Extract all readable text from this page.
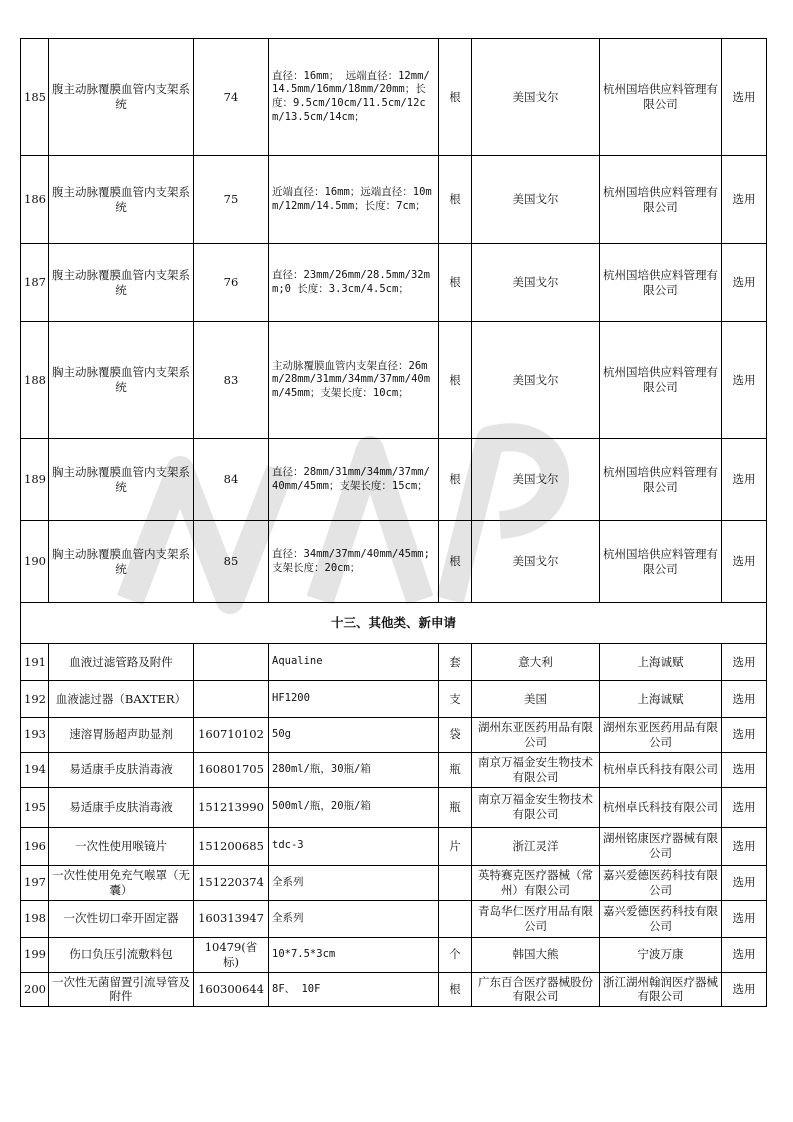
185	腹主动脉覆膜血管内支架系统	74	直径：16mm； 远端直径：12mm/14.5mm/16mm/18mm/20mm；长度：9.5cm/10cm/11.5cm/12cm/13.5cm/14cm；	根	美国戈尔	杭州国培供应料管理有限公司	选用
186	腹主动脉覆膜血管内支架系统	75	近端直径：16mm；远端直径：10mm/12mm/14.5mm；长度：7cm；	根	美国戈尔	杭州国培供应料管理有限公司	选用
187	腹主动脉覆膜血管内支架系统	76	直径：23mm/26mm/28.5mm/32mm;0 长度：3.3cm/4.5cm；	根	美国戈尔	杭州国培供应料管理有限公司	选用
188	胸主动脉覆膜血管内支架系统	83	主动脉覆膜血管内支架直径：26mm/28mm/31mm/34mm/37mm/40mm/45mm；支架长度：10cm；	根	美国戈尔	杭州国培供应料管理有限公司	选用
189	胸主动脉覆膜血管内支架系统	84	直径：28mm/31mm/34mm/37mm/40mm/45mm；支架长度：15cm；	根	美国戈尔	杭州国培供应料管理有限公司	选用
190	胸主动脉覆膜血管内支架系统	85	直径：34mm/37mm/40mm/45mm;支架长度：20cm；	根	美国戈尔	杭州国培供应料管理有限公司	选用
十三、其他类、新申请							
191	血液过滤管路及附件		Aqualine	套	意大利	上海诚赋	选用
192	血液滤过器（BAXTER）		HF1200	支	美国	上海诚赋	选用
193	速溶胃肠超声助显剂	160710102	50g	袋	湖州东亚医药用品有限公司	湖州东亚医药用品有限公司	选用
194	易适康手皮肤消毒液	160801705	280ml/瓶，30瓶/箱	瓶	南京万福金安生物技术有限公司	杭州卓氏科技有限公司	选用
195	易适康手皮肤消毒液	151213990	500ml/瓶，20瓶/箱	瓶	南京万福金安生物技术有限公司	杭州卓氏科技有限公司	选用
196	一次性使用喉镜片	151200685	tdc-3	片	浙江灵洋	湖州铭康医疗器械有限公司	选用
197	一次性使用免充气喉罩（无囊）	151220374	全系列		英特赛克医疗器械（常州）有限公司	嘉兴爱德医药科技有限公司	选用
198	一次性切口牵开固定器	160313947	全系列		青岛华仁医疗用品有限公司	嘉兴爱德医药科技有限公司	选用
199	伤口负压引流敷料包	10479(省标)	10*7.5*3cm	个	韩国大熊	宁波万康	选用
200	一次性无菌留置引流导管及附件	160300644	8F、 10F	根	广东百合医疗器械股份有限公司	浙江湖州翰润医疗器械有限公司	选用
